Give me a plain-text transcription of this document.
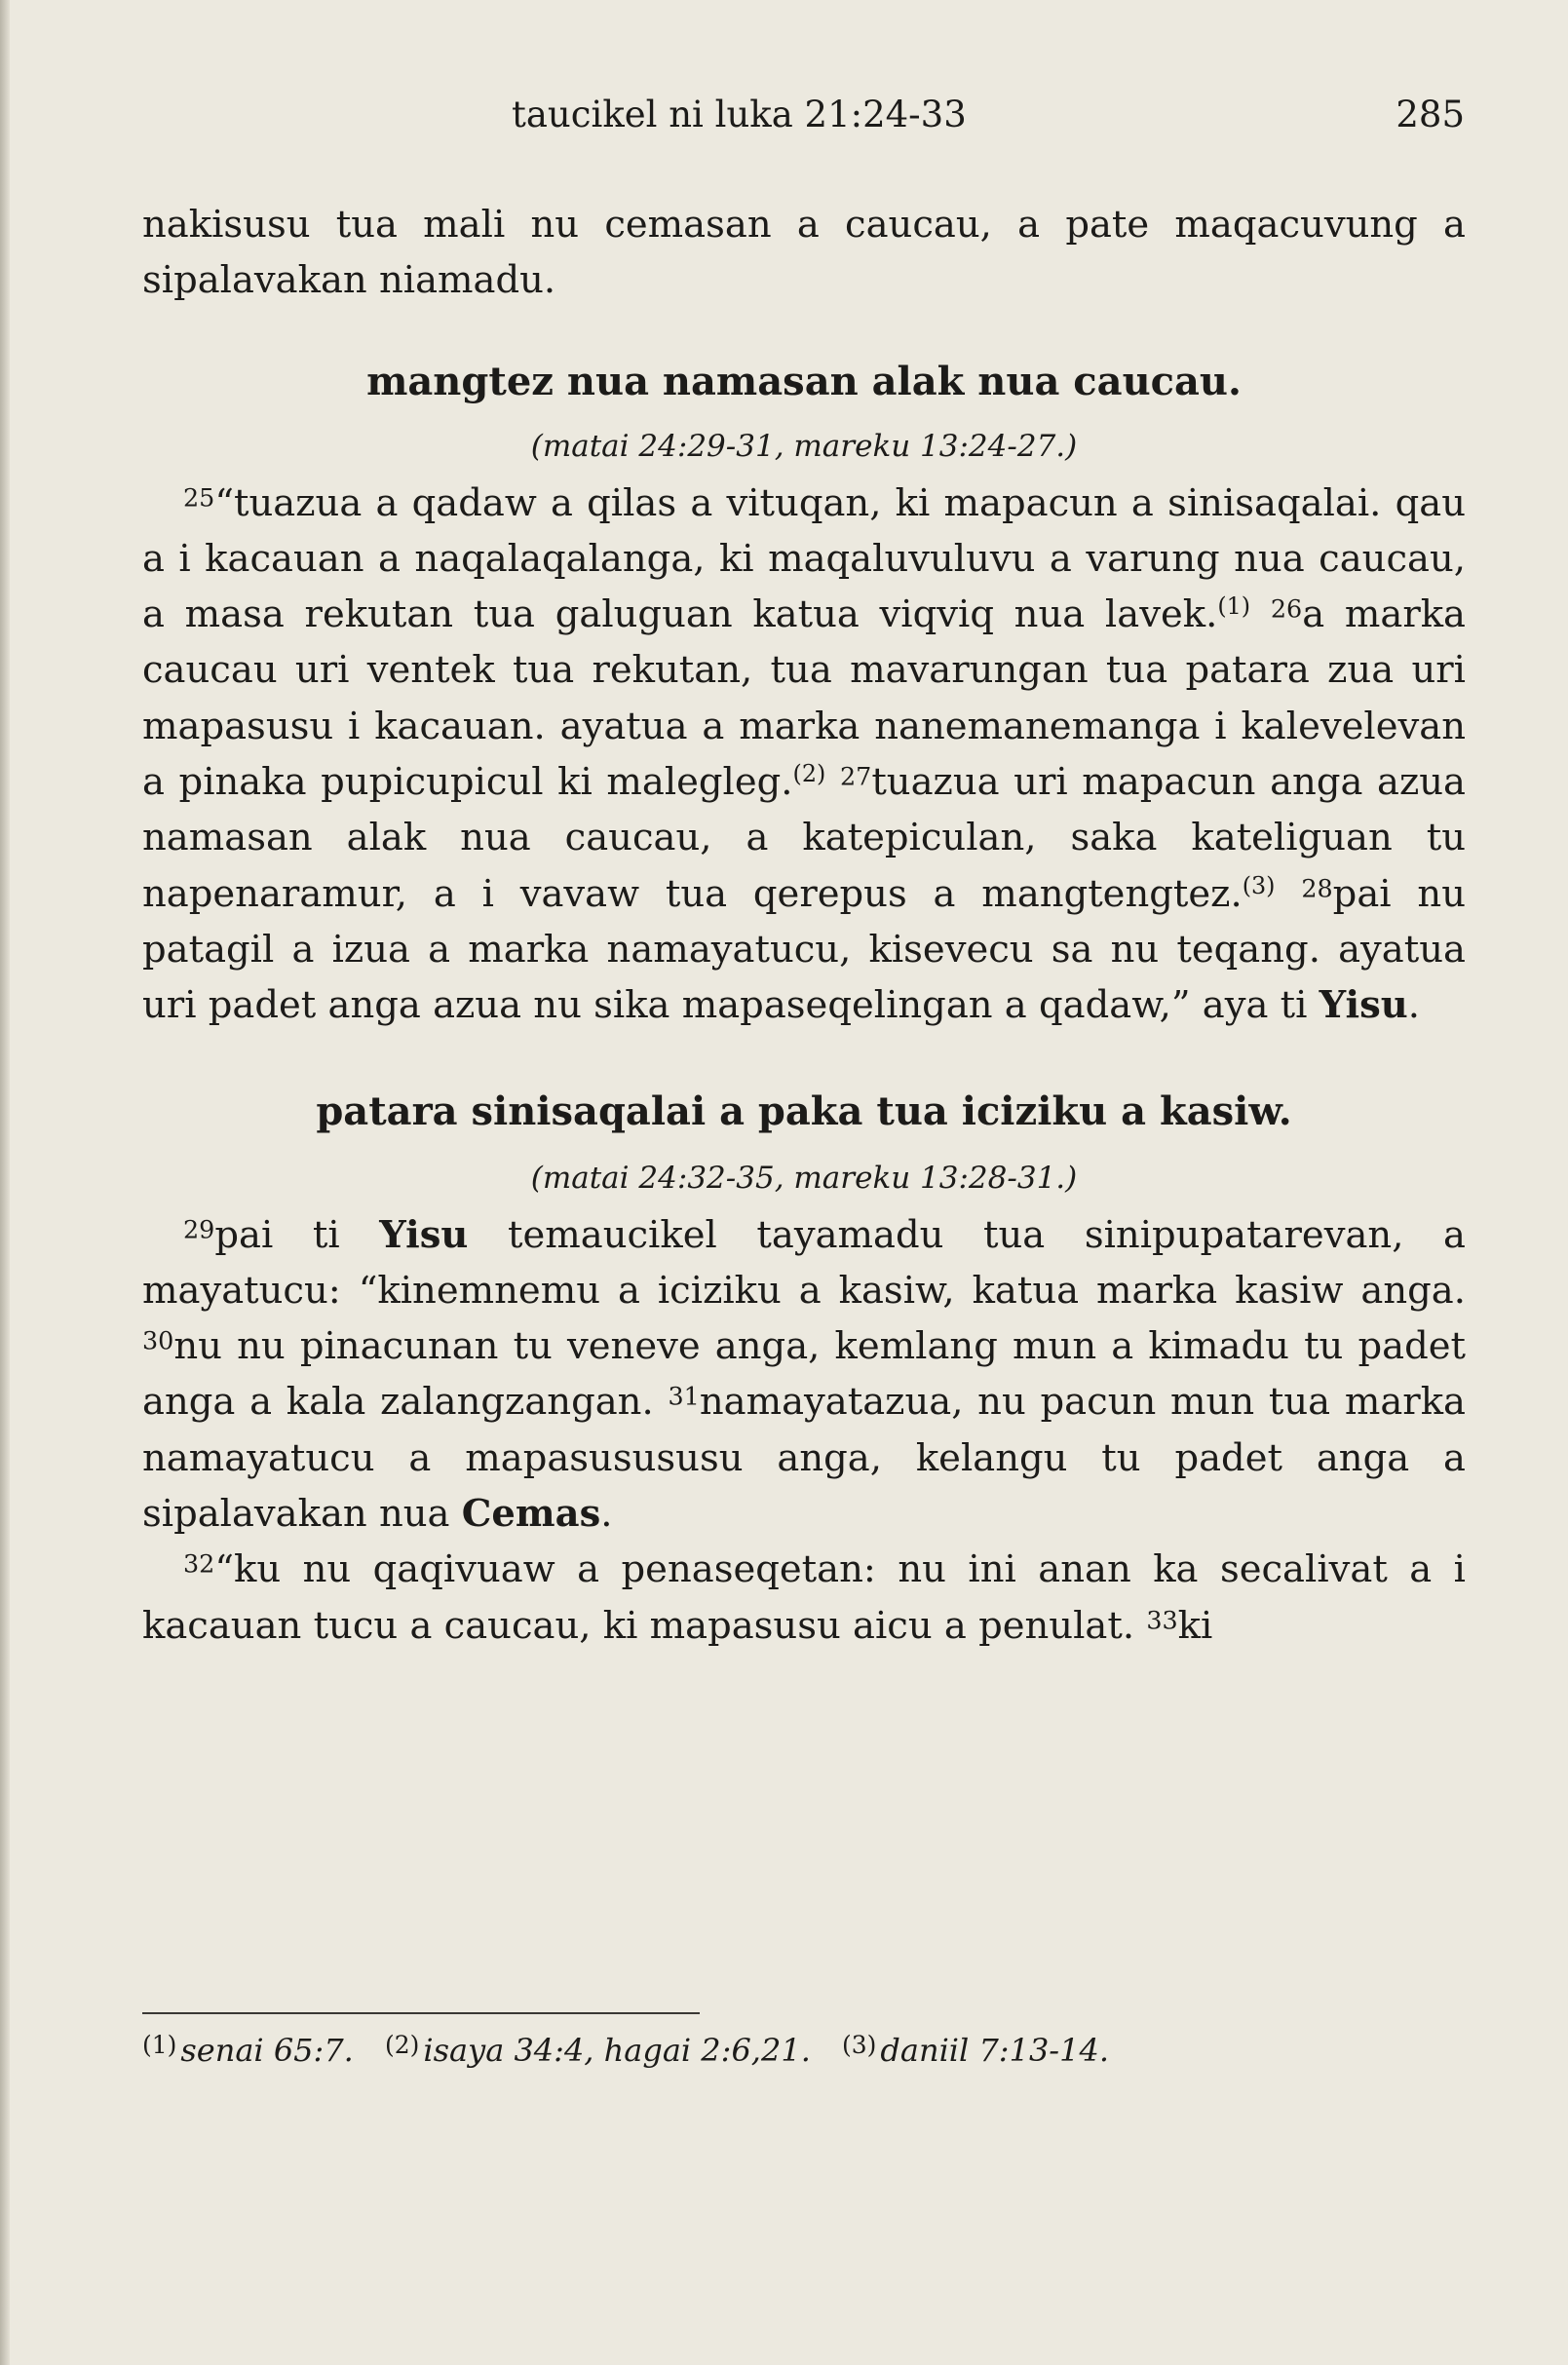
taucikel ni luka 21:24-33	285

nakisusu tua mali nu cemasan a caucau, a pate maqacuvung a sipalavakan niamadu.

mangtez nua namasan alak nua caucau.
(matai 24:29-31, mareku 13:24-27.)

$^{25}$“tuazua a qadaw a qilas a vituqan, ki mapacun a sinisaqalai. qau a i kacauan a naqalaqalanga, ki maqaluvuluvu a varung nua caucau, a masa rekutan tua galuguan katua viqviq nua lavek.$^{(1)}$ $^{26}$a marka caucau uri ventek tua rekutan, tua mavarungan tua patara zua uri mapasusu i kacauan. ayatua a marka nanemanemanga i kalevelevan a pinaka pupicupicul ki malegleg.$^{(2)}$ $^{27}$tuazua uri mapacun anga azua namasan alak nua caucau, a katepiculan, saka kateliguan tu napenaramur, a i vavaw tua qerepus a mangtengtez.$^{(3)}$ $^{28}$pai nu patagil a izua a marka namayatucu, kisevecu sa nu teqang. ayatua uri padet anga azua nu sika mapaseqelingan a qadaw,” aya ti Yisu.

patara sinisaqalai a paka tua iciziku a kasiw.
(matai 24:32-35, mareku 13:28-31.)

$^{29}$pai ti Yisu temaucikel tayamadu tua sinipupatarevan, a mayatucu: “kinemnemu a iciziku a kasiw, katua marka kasiw anga. $^{30}$nu nu pinacunan tu veneve anga, kemlang mun a kimadu tu padet anga a kala zalangzangan. $^{31}$namayatazua, nu pacun mun tua marka namayatucu a mapasusususu anga, kelangu tu padet anga a sipalavakan nua Cemas.

$^{32}$“ku nu qaqivuaw a penaseqetan: nu ini anan ka secalivat a i kacauan tucu a caucau, ki mapasusu aicu a penulat. $^{33}$ki

$^{(1)}$ senai 65:7. $^{(2)}$ isaya 34:4, hagai 2:6,21. $^{(3)}$ daniil 7:13-14.
